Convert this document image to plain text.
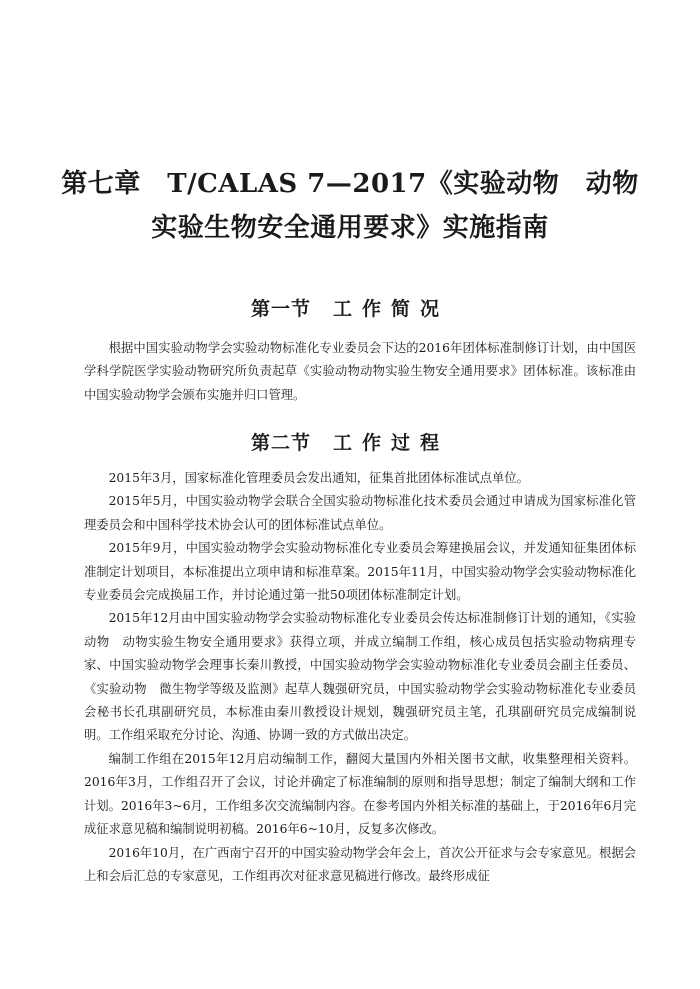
第七章　T/CALAS 7—2017《实验动物　动物
实验生物安全通用要求》实施指南
第一节 工作简况

根据中国实验动物学会实验动物标准化专业委员会下达的2016年团体标准制修订计划，由中国医学科学院医学实验动物研究所负责起草《实验动物动物实验生物安全通用要求》团体标准。该标准由中国实验动物学会颁布实施并归口管理。

第二节 工作过程

2015年3月，国家标准化管理委员会发出通知，征集首批团体标准试点单位。

2015年5月，中国实验动物学会联合全国实验动物标准化技术委员会通过申请成为国家标准化管理委员会和中国科学技术协会认可的团体标准试点单位。

2015年9月，中国实验动物学会实验动物标准化专业委员会筹建换届会议，并发通知征集团体标准制定计划项目，本标准提出立项申请和标准草案。2015年11月，中国实验动物学会实验动物标准化专业委员会完成换届工作，并讨论通过第一批50项团体标准制定计划。

2015年12月由中国实验动物学会实验动物标准化专业委员会传达标准制修订计划的通知，《实验动物　动物实验生物安全通用要求》获得立项，并成立编制工作组，核心成员包括实验动物病理专家、中国实验动物学会理事长秦川教授，中国实验动物学会实验动物标准化专业委员会副主任委员、《实验动物　微生物学等级及监测》起草人魏强研究员，中国实验动物学会实验动物标准化专业委员会秘书长孔琪副研究员，本标准由秦川教授设计规划，魏强研究员主笔，孔琪副研究员完成编制说明。工作组采取充分讨论、沟通、协调一致的方式做出决定。

编制工作组在2015年12月启动编制工作，翻阅大量国内外相关图书文献，收集整理相关资料。2016年3月，工作组召开了会议，讨论并确定了标准编制的原则和指导思想；制定了编制大纲和工作计划。2016年3~6月，工作组多次交流编制内容。在参考国内外相关标准的基础上，于2016年6月完成征求意见稿和编制说明初稿。2016年6~10月，反复多次修改。

2016年10月，在广西南宁召开的中国实验动物学会年会上，首次公开征求与会专家意见。根据会上和会后汇总的专家意见，工作组再次对征求意见稿进行修改。最终形成征
